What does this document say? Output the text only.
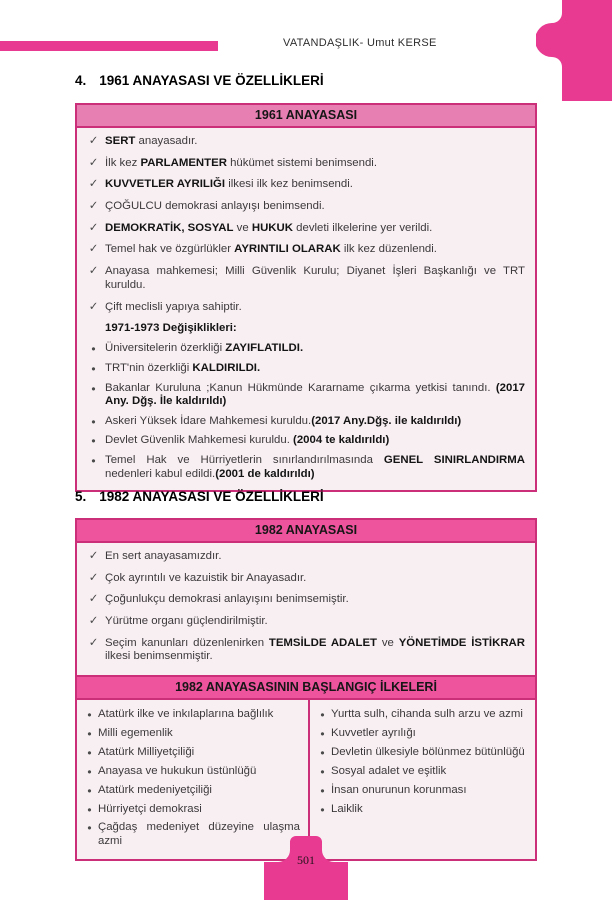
VATANDAŞLIK- Umut KERSE
4. 1961 ANAYASASI VE ÖZELLİKLERİ
1961 ANAYASASI
✓ SERT anayasadır.
✓ İlk kez PARLAMENTER hükümet sistemi benimsendi.
✓ KUVVETLER AYRILIĞI ilkesi ilk kez benimsendi.
✓ ÇOĞULCU demokrasi anlayışı benimsendi.
✓ DEMOKRATİK, SOSYAL ve HUKUK devleti ilkelerine yer verildi.
✓ Temel hak ve özgürlükler AYRINTILI OLARAK ilk kez düzenlendi.
✓ Anayasa mahkemesi; Milli Güvenlik Kurulu; Diyanet İşleri Başkanlığı ve TRT kuruldu.
✓ Çift meclisli yapıya sahiptir.
1971-1973 Değişiklikleri:
• Üniversitelerin özerkliği ZAYIFLATILDI.
• TRT'nin özerkliği KALDIRILDI.
• Bakanlar Kuruluna ;Kanun Hükmünde Kararname çıkarma yetkisi tanındı. (2017 Any. Dğş. İle kaldırıldı)
• Askeri Yüksek İdare Mahkemesi kuruldu.(2017 Any.Dğş. ile kaldırıldı)
• Devlet Güvenlik Mahkemesi kuruldu. (2004 te kaldırıldı)
• Temel Hak ve Hürriyetlerin sınırlandırılmasında GENEL SINIRLANDIRMA nedenleri kabul edildi.(2001 de kaldırıldı)
5. 1982 ANAYASASI VE ÖZELLİKLERİ
1982 ANAYASASI
✓ En sert anayasamızdır.
✓ Çok ayrıntılı ve kazuistik bir Anayasadır.
✓ Çoğunlukçu demokrasi anlayışını benimsemiştir.
✓ Yürütme organı güçlendirilmiştir.
✓ Seçim kanunları düzenlenirken TEMSİLDE ADALET ve YÖNETİMDE İSTİKRAR ilkesi benimsenmiştir.
1982 ANAYASASININ BAŞLANGIÇ İLKELERİ
• Atatürk ilke ve inkılaplarına bağlılık
• Milli egemenlik
• Atatürk Milliyetçiliği
• Anayasa ve hukukun üstünlüğü
• Atatürk medeniyetçiliği
• Hürriyetçi demokrasi
• Çağdaş medeniyet düzeyine ulaşma azmi
• Yurtta sulh, cihanda sulh arzu ve azmi
• Kuvvetler ayrılığı
• Devletin ülkesiyle bölünmez bütünlüğü
• Sosyal adalet ve eşitlik
• İnsan onurunun korunması
• Laiklik
501
